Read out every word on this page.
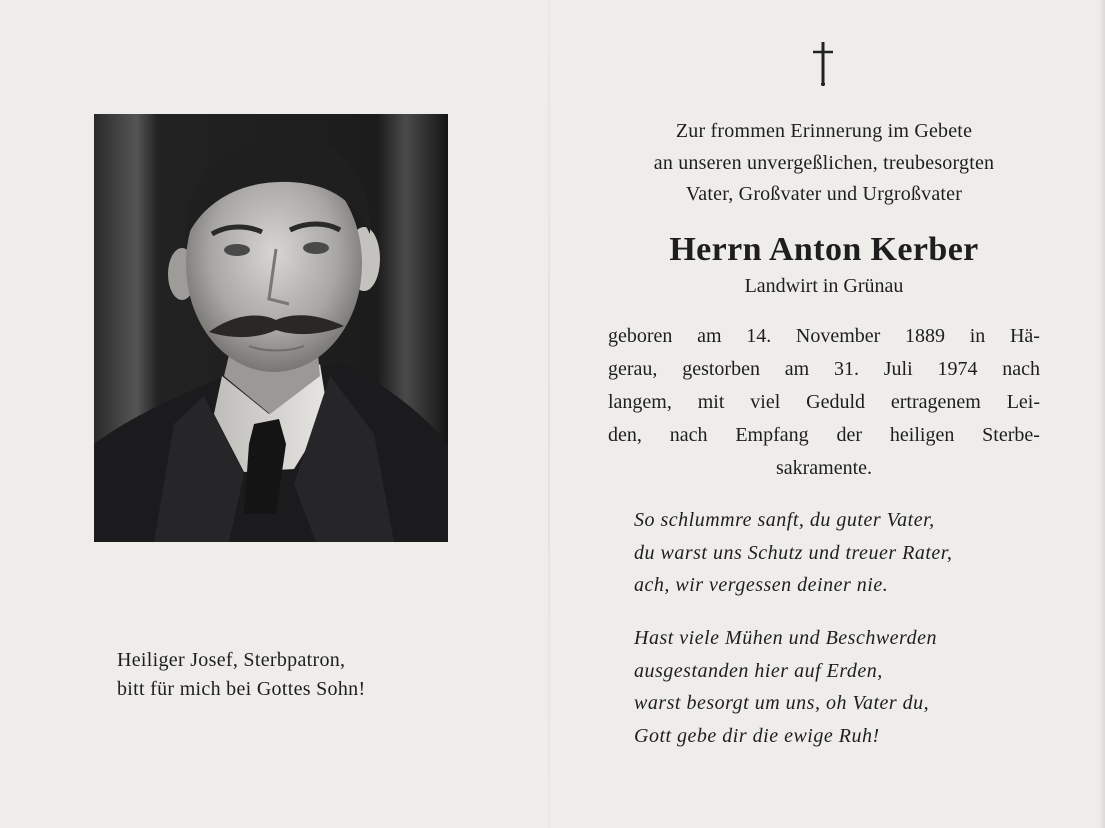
Heiliger Josef, Sterbpatron,
bitt für mich bei Gottes Sohn!
Zur frommen Erinnerung im Gebete
an unseren unvergeßlichen, treubesorgten
Vater, Großvater und Urgroßvater
Herrn Anton Kerber
Landwirt in Grünau
geboren am 14. November 1889 in Hä-
gerau, gestorben am 31. Juli 1974 nach
langem, mit viel Geduld ertragenem Lei-
den, nach Empfang der heiligen Sterbe-
sakramente.
So schlummre sanft, du guter Vater,
du warst uns Schutz und treuer Rater,
ach, wir vergessen deiner nie.
Hast viele Mühen und Beschwerden
ausgestanden hier auf Erden,
warst besorgt um uns, oh Vater du,
Gott gebe dir die ewige Ruh!
